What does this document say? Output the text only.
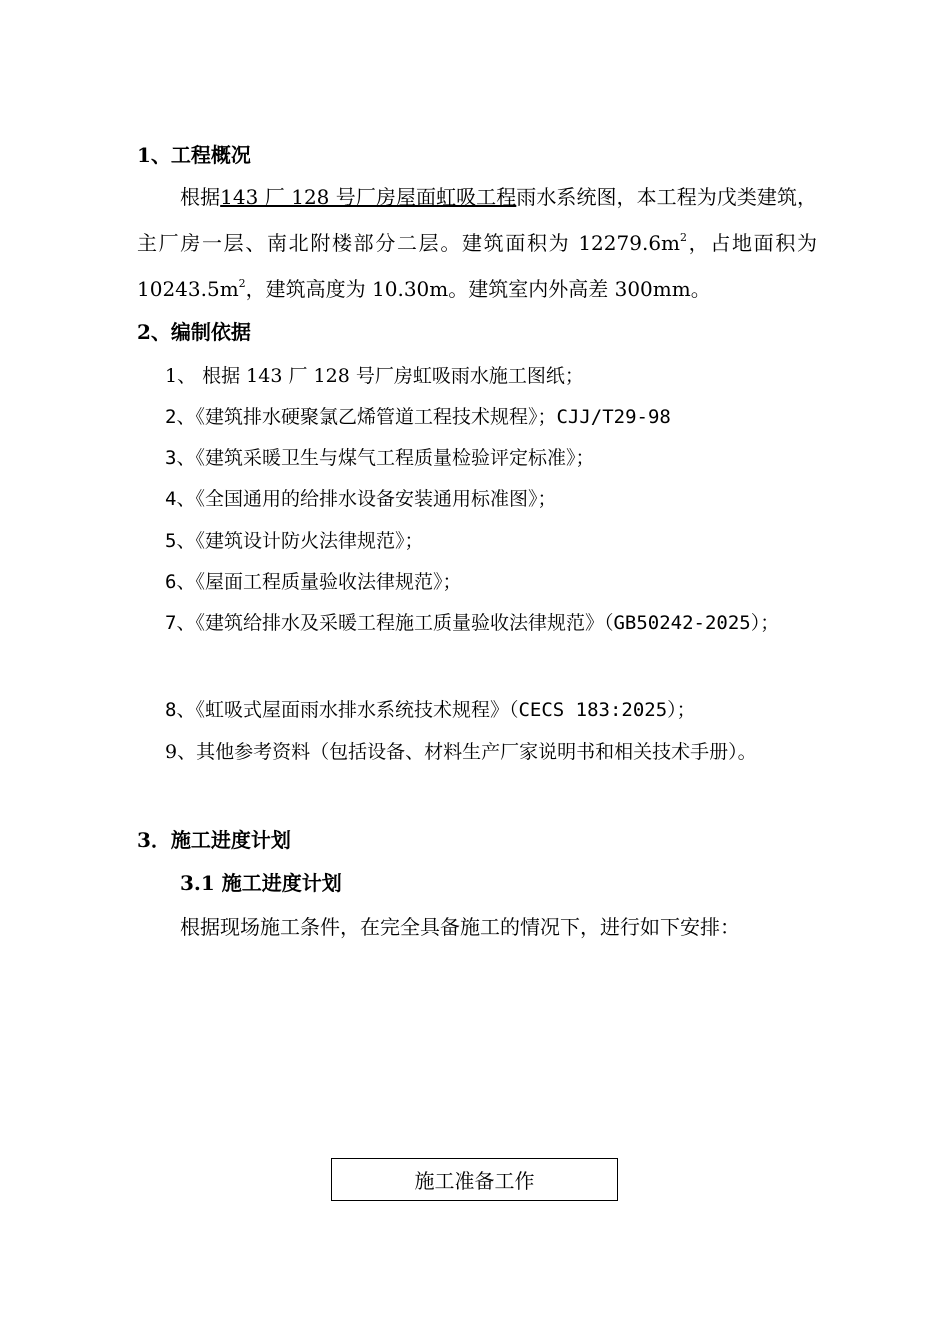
1、工程概况
根据143 厂 128 号厂房屋面虹吸工程雨水系统图，本工程为戊类建筑，主厂房一层、南北附楼部分二层。建筑面积为 $12279.6m^2$，占地面积为 $10243.5m^2$，建筑高度为 10.30m。建筑室内外高差 300mm。
2、编制依据
1、 根据 143 厂 128 号厂房虹吸雨水施工图纸；
2、《建筑排水硬聚氯乙烯管道工程技术规程》；CJJ/T29-98
3、《建筑采暖卫生与煤气工程质量检验评定标准》；
4、《全国通用的给排水设备安装通用标准图》；
5、《建筑设计防火法律规范》；
6、《屋面工程质量验收法律规范》；
7、《建筑给排水及采暖工程施工质量验收法律规范》（GB50242-2025）；
8、《虹吸式屋面雨水排水系统技术规程》（CECS 183:2025）；
9、其他参考资料（包括设备、材料生产厂家说明书和相关技术手册）。
3．施工进度计划
3.1 施工进度计划
根据现场施工条件，在完全具备施工的情况下，进行如下安排：
施工准备工作
